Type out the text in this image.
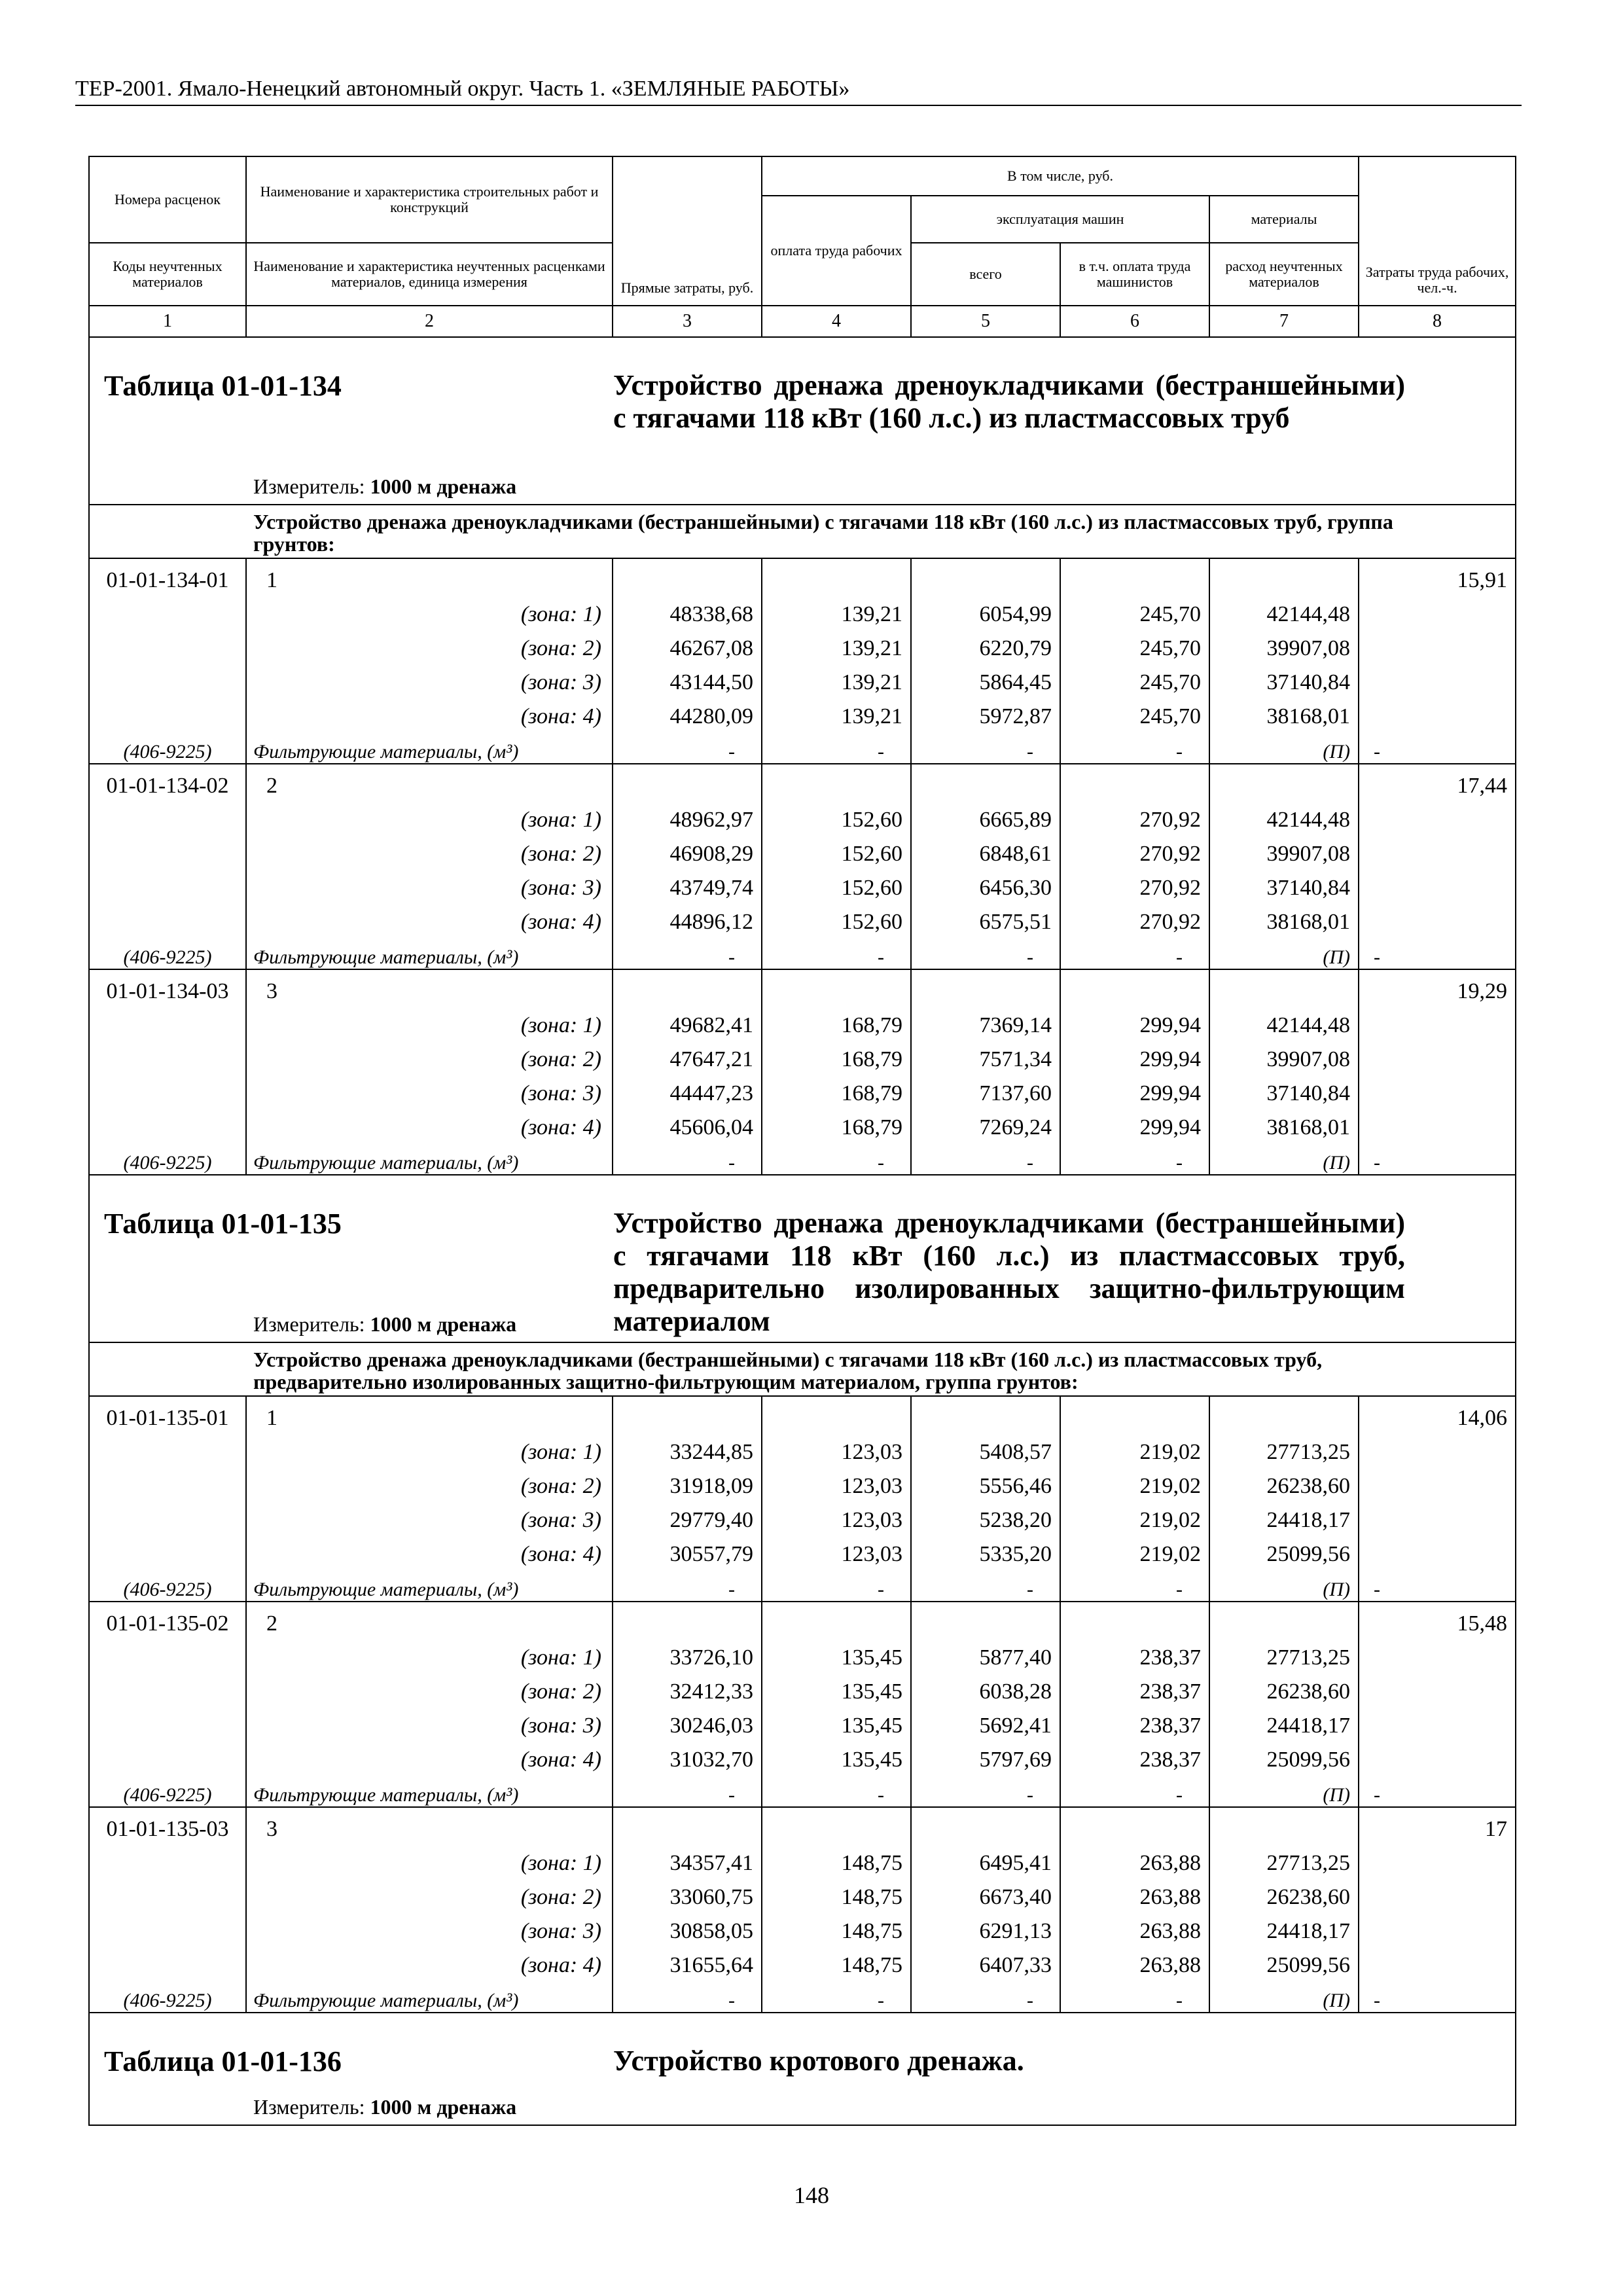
ТЕР-2001. Ямало-Ненецкий автономный округ. Часть 1. «ЗЕМЛЯНЫЕ РАБОТЫ»
Номера расценок	Наименование и характеристика строительных работ и конструкций	Прямые затраты, руб.	В том числе, руб.				Затраты труда рабочих, чел.-ч.
			оплата труда рабочих	эксплуатация машин		материалы	
Коды неучтенных материалов	Наименование и характеристика неучтенных расценками материалов, единица измерения			всего	в т.ч. оплата труда машинистов	расход неучтенных материалов	
1	2	3	4	5	6	7	8

Таблица 01-01-134 Устройство дренажа дреноукладчиками (бестраншейными) с тягачами 118 кВт (160 л.с.) из пластмассовых труб
Измеритель: 1000 м дренажа							

Устройство дренажа дреноукладчиками (бестраншейными) с тягачами 118 кВт (160 л.с.) из пластмассовых труб, группа грунтов:							
01-01-134-01	1						15,91
	(зона: 1)	48338,68	139,21	6054,99	245,70	42144,48	
	(зона: 2)	46267,08	139,21	6220,79	245,70	39907,08	
	(зона: 3)	43144,50	139,21	5864,45	245,70	37140,84	
	(зона: 4)	44280,09	139,21	5972,87	245,70	38168,01	
(406-9225)	Фильтрующие материалы, (м³)	-	-	-	-	(П)	-
01-01-134-02	2						17,44
	(зона: 1)	48962,97	152,60	6665,89	270,92	42144,48	
	(зона: 2)	46908,29	152,60	6848,61	270,92	39907,08	
	(зона: 3)	43749,74	152,60	6456,30	270,92	37140,84	
	(зона: 4)	44896,12	152,60	6575,51	270,92	38168,01	
(406-9225)	Фильтрующие материалы, (м³)	-	-	-	-	(П)	-
01-01-134-03	3						19,29
	(зона: 1)	49682,41	168,79	7369,14	299,94	42144,48	
	(зона: 2)	47647,21	168,79	7571,34	299,94	39907,08	
	(зона: 3)	44447,23	168,79	7137,60	299,94	37140,84	
	(зона: 4)	45606,04	168,79	7269,24	299,94	38168,01	
(406-9225)	Фильтрующие материалы, (м³)	-	-	-	-	(П)	-

Таблица 01-01-135 Устройство дренажа дреноукладчиками (бестраншейными) с тягачами 118 кВт (160 л.с.) из пластмассовых труб, предварительно изолированных защитно-фильтрующим материалом
Измеритель: 1000 м дренажа							

Устройство дренажа дреноукладчиками (бестраншейными) с тягачами 118 кВт (160 л.с.) из пластмассовых труб, предварительно изолированных защитно-фильтрующим материалом, группа грунтов:							
01-01-135-01	1						14,06
	(зона: 1)	33244,85	123,03	5408,57	219,02	27713,25	
	(зона: 2)	31918,09	123,03	5556,46	219,02	26238,60	
	(зона: 3)	29779,40	123,03	5238,20	219,02	24418,17	
	(зона: 4)	30557,79	123,03	5335,20	219,02	25099,56	
(406-9225)	Фильтрующие материалы, (м³)	-	-	-	-	(П)	-
01-01-135-02	2						15,48
	(зона: 1)	33726,10	135,45	5877,40	238,37	27713,25	
	(зона: 2)	32412,33	135,45	6038,28	238,37	26238,60	
	(зона: 3)	30246,03	135,45	5692,41	238,37	24418,17	
	(зона: 4)	31032,70	135,45	5797,69	238,37	25099,56	
(406-9225)	Фильтрующие материалы, (м³)	-	-	-	-	(П)	-
01-01-135-03	3						17
	(зона: 1)	34357,41	148,75	6495,41	263,88	27713,25	
	(зона: 2)	33060,75	148,75	6673,40	263,88	26238,60	
	(зона: 3)	30858,05	148,75	6291,13	263,88	24418,17	
	(зона: 4)	31655,64	148,75	6407,33	263,88	25099,56	
(406-9225)	Фильтрующие материалы, (м³)	-	-	-	-	(П)	-

Таблица 01-01-136 Устройство кротового дренажа.
Измеритель: 1000 м дренажа							
148
